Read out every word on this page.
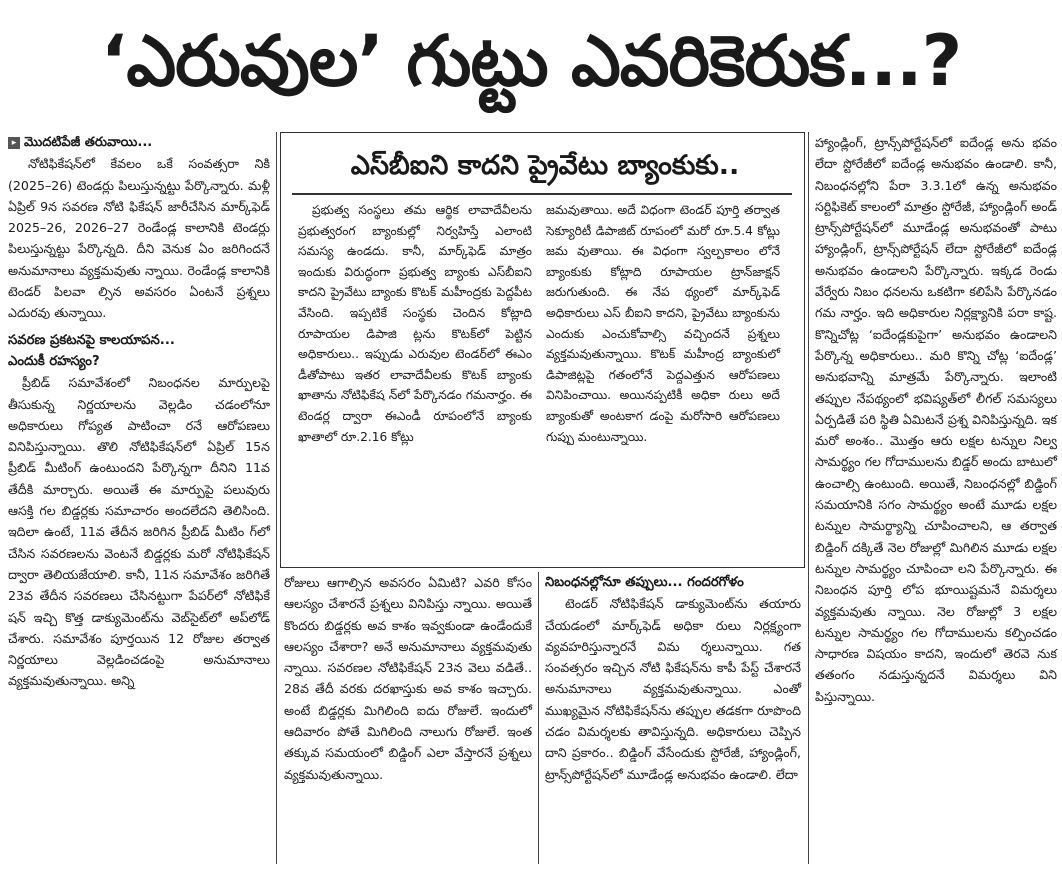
‘ఎరువుల’ గుట్టు ఎవరికెరుక...?

▸ మొదటిపేజీ తరువాయి...

నోటిఫికేషన్‌లో కేవలం ఒకే సంవత్సరా నికి (2025–26) టెండర్లు పిలుస్తున్నట్టు పేర్కొన్నారు. మళ్లీ ఏప్రిల్ 9న సవరణ నోటి ఫికేషన్ జారీచేసిన మార్క్‌ఫెడ్ 2025–26, 2026–27 రెండేండ్ల కాలానికి టెండర్లు పిలుస్తున్నట్టు పేర్కొన్నది. దీని వెనుక ఏం జరిగిందనే అనుమానాలు వ్యక్తమవుతు న్నాయి. రెండేండ్ల కాలానికి టెండర్ పిలవా ల్సిన అవసరం ఏంటనే ప్రశ్నలు ఎదురవు తున్నాయి.

సవరణ ప్రకటనపై కాలయాపన...

ఎందుకీ రహస్యం?

ప్రీబిడ్ సమావేశంలో నిబంధనల మార్పులపై తీసుకున్న నిర్ణయాలను వెల్లడిం చడంలోనూ అధికారులు గోప్యత పాటించా రనే ఆరోపణలు వినిపిస్తున్నాయి. తొలి నోటిఫికేషన్‌లో ఏప్రిల్ 15న ప్రీబిడ్ మీటింగ్ ఉంటుందని పేర్కొన్నగా దీనిని 11వ తేదీకి మార్చారు. అయితే ఈ మార్పుపై పలువురు ఆసక్తి గల బిడ్డర్లకు సమాచారం అందలేదని తెలిసింది. ఇదిలా ఉంటే, 11వ తేదీన జరిగిన ప్రీబిడ్ మీటిం గ్‌లో చేసిన సవరణలను వెంటనే బిడ్డర్లకు మరో నోటిఫికేషన్ ద్వారా తెలియజేయాలి. కానీ, 11న సమావేశం జరిగితే 23వ తేదీన సవరణలు చేసినట్టుగా పేపర్‌లో నోటిఫికే షన్ ఇచ్చి కొత్త డాక్యుమెంట్‌ను వెబ్‌సైట్‌లో అప్‌లోడ్ చేశారు. సమావేశం పూర్తయిన 12 రోజుల తర్వాత నిర్ణయాలు వెల్లడించడంపై అనుమానాలు వ్యక్తమవుతున్నాయి. అన్ని

ఎస్‌బీఐని కాదని ప్రైవేటు బ్యాంకుకు..
ప్రభుత్వ సంస్థలు తమ ఆర్థిక లావాదేవీలను ప్రభుత్వరంగ బ్యాంకుల్లో నిర్వహిస్తే ఎలాంటి సమస్య ఉండదు. కానీ, మార్క్‌ఫెడ్ మాత్రం ఇందుకు విరుద్ధంగా ప్రభుత్వ బ్యాంకు ఎస్‌బీఐని కాదని ప్రైవేటు బ్యాంకు కొటక్ మహీంద్రకు పెద్దపీట వేసింది. ఇప్పటికే సంస్థకు చెందిన కోట్లాది రూపాయల డిపాజి ట్లను కొటక్‌లో పెట్టిన అధికారులు.. ఇప్పుడు ఎరువుల టెండర్‌లో ఈఎం డీతోపాటు ఇతర లావాదేవీలకు కొటక్ బ్యాంకు ఖాతాను నోటిఫికేష న్‌లో పేర్కొనడం గమనార్హం. ఈ టెండర్ల ద్వారా ఈఎండీ రూపంలోనే బ్యాంకు ఖాతాలో రూ.2.16 కోట్లు
జమవుతాయి. అదే విధంగా టెండర్ పూర్తి తర్వాత సెక్యూరిటీ డిపాజిట్ రూపంలో మరో రూ.5.4 కోట్లు జమ వుతాయి. ఈ విధంగా స్వల్పకాలం లోనే బ్యాంకుకు కోట్లాది రూపాయల ట్రాన్‌జాక్షన్ జరుగుతుంది. ఈ నేప థ్యంలో మార్క్‌ఫెడ్ అధికారులు ఎస్ బీఐని కాదని, ప్రైవేటు బ్యాంకును ఎందుకు ఎంచుకోవాల్సి వచ్చిందనే ప్రశ్నలు వ్యక్తమవుతున్నాయి. కొటక్ మహీంద్ర బ్యాంకులో డిపాజిట్లపై గతంలోనే పెద్దఎత్తున ఆరోపణలు వినిపించాయి. అయినప్పటికీ అధికా రులు అదే బ్యాంకుతో అంటకాగ డంపై మరోసారి ఆరోపణలు గుప్పు మంటున్నాయి.
రోజులు ఆగాల్సిన అవసరం ఏమిటి? ఎవరి కోసం ఆలస్యం చేశారనే ప్రశ్నలు వినిపిస్తు న్నాయి. అయితే కొందరు బిడ్డర్లకు అవ కాశం ఇవ్వకుండా ఉండేందుకే ఆలస్యం చేశారా? అనే అనుమానాలు వ్యక్తమవుతు న్నాయి. సవరణల నోటిఫికేషన్ 23న వెలు వడితే.. 28వ తేదీ వరకు దరఖాస్తుకు అవ కాశం ఇచ్చారు. అంటే బిడ్డర్లకు మిగిలింది ఐదు రోజులే. ఇందులో ఆదివారం పోతే మిగిలింది నాలుగు రోజులే. ఇంత తక్కువ సమయంలో బిడ్డింగ్ ఎలా వేస్తారనే ప్రశ్నలు వ్యక్తమవుతున్నాయి.

నిబంధనల్లోనూ తప్పులు... గందరగోళం

టెండర్ నోటిఫికేషన్ డాక్యుమెంట్‌ను తయారు చేయడంలో మార్క్‌ఫెడ్ అధికా రులు నిర్లక్ష్యంగా వ్యవహరిస్తున్నారనే విమ ర్శలున్నాయి. గత సంవత్సరం ఇచ్చిన నోటి ఫికేషన్‌ను కాపీ పేస్ట్ చేశారనే అనుమానాలు వ్యక్తమవుతున్నాయి. ఎంతో ముఖ్యమైన నోటిఫికేషన్‌ను తప్పుల తడకగా రూపొంది చడం విమర్శలకు తావిస్తున్నది. అధికారులు చెప్పిన దాని ప్రకారం.. బిడ్డింగ్ వేసేందుకు స్టోరేజీ, హ్యాండ్లింగ్, ట్రాన్స్‌పోర్టేషన్‌లో మూడేండ్ల అనుభవం ఉండాలి. లేదా

హ్యాండ్లింగ్, ట్రాన్స్‌పోర్టేషన్‌లో ఐదేండ్ల అను భవం లేదా స్టోరేజీలో ఐదేండ్ల అనుభవం ఉండాలి. కానీ, నిబంధనల్లోని పేరా 3.3.1లో ఉన్న అనుభవం సర్టిఫికెట్ కాలంలో మాత్రం స్టోరేజీ, హ్యాండ్లింగ్ అండ్ ట్రాన్స్‌పోర్టేషన్‌లో మూడేండ్ల అనుభవంతో పాటు హ్యాండ్లింగ్, ట్రాన్స్‌పోర్టేషన్ లేదా స్టోరేజీలో ఐదేండ్ల అనుభవం ఉండాలని పేర్కొన్నారు. ఇక్కడ రెండు వేర్వేరు నిబం ధనలను ఒకటిగా కలిపేసి పేర్కొనడం గమ నార్హం. ఇది అధికారుల నిర్లక్ష్యానికి పరా కాష్ట. కొన్నిచోట్ల ‘ఐదేండ్లకుపైగా’ అనుభవం ఉండాలని పేర్కొన్న అధికారులు.. మరి కొన్ని చోట్ల ‘ఐదేండ్ల’ అనుభవాన్ని మాత్రమే పేర్కొన్నారు. ఇలాంటి తప్పుల నేపథ్యంలో భవిష్యత్‌లో లీగల్ సమస్యలు ఏర్పడితే పరి స్థితి ఏమిటనే ప్రశ్న వినిపిస్తున్నది. ఇక మరో అంశం.. మొత్తం ఆరు లక్షల టన్నుల నిల్వ సామర్థ్యం గల గోదాములను బిడ్డర్ అందు బాటులో ఉంచాల్సి ఉంటుంది. అయితే, నిబంధనల్లో బిడ్డింగ్ సమయానికి సగం సామర్థ్యం అంటే మూడు లక్షల టన్నుల సామర్థ్యాన్ని చూపించాలని, ఆ తర్వాత బిడ్డింగ్ దక్కితే నెల రోజుల్లో మిగిలిన మూడు లక్షల టన్నుల సామర్థ్యం చూపించా లని పేర్కొన్నారు. ఈ నిబంధన పూర్తి లోప భూయిష్టమనే విమర్శలు వ్యక్తమవుతు న్నాయి. నెల రోజుల్లో 3 లక్షల టన్నుల సామర్థ్యం గల గోదాములను కల్పించడం సాధారణ విషయం కాదని, ఇందులో తెరవె నుక తతంగం నడుస్తున్నదనే విమర్శలు విని పిస్తున్నాయి.
